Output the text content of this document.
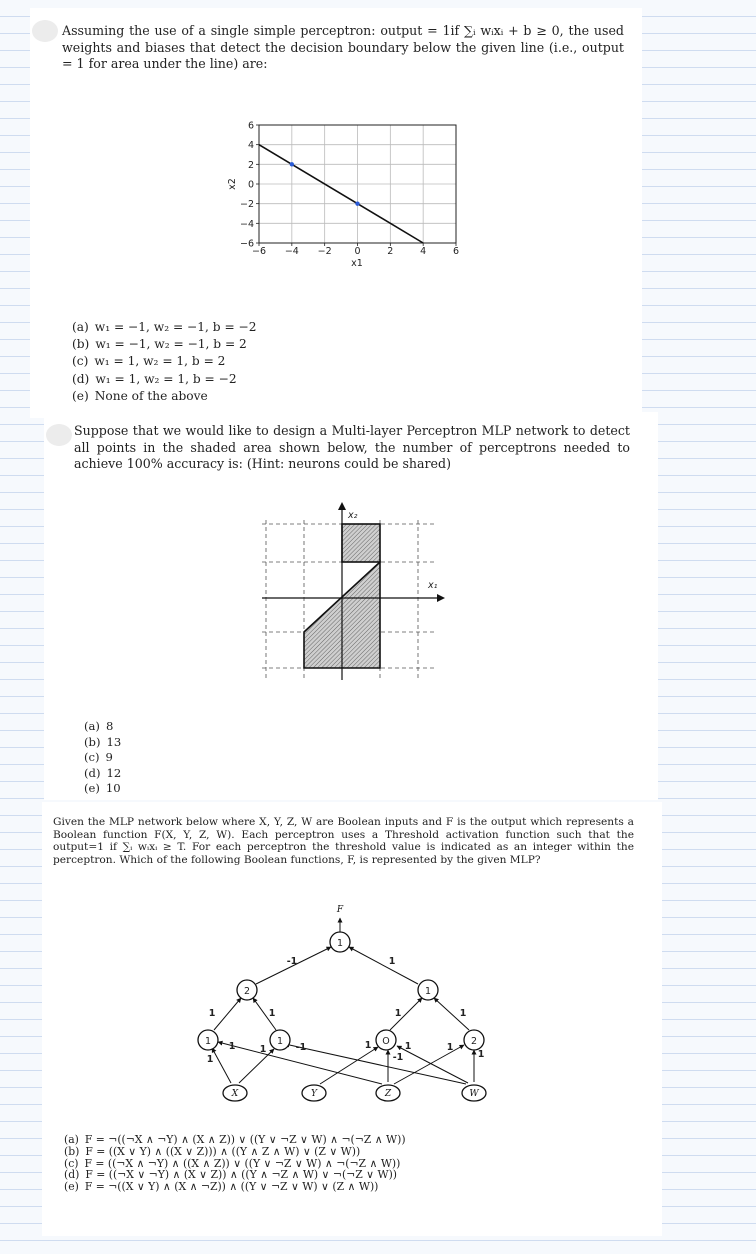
Assuming the use of a single simple perceptron: output = 1if ∑ᵢ wᵢxᵢ + b ≥ 0, the used weights and biases that detect the decision boundary below the given line (i.e., output = 1 for area under the line) are:
−6 −4 −2 0	2	4	6
6
4
2
0
−2
−4
−6
x1
x2
(a) w₁ = −1, w₂ = −1, b = −2
(b) w₁ = −1, w₂ = −1, b = 2
(c) w₁ = 1, w₂ = 1, b = 2
(d) w₁ = 1, w₂ = 1, b = −2
(e) None of the above
Suppose that we would like to design a Multi-layer Perceptron MLP network to detect all points in the shaded area shown below, the number of perceptrons needed to achieve 100% accuracy is: (Hint: neurons could be shared)
x₁
x₂
(a) 8
(b) 13
(c) 9
(d) 12
(e) 10
Given the MLP network below where X, Y, Z, W are Boolean inputs and F is the output which represents a Boolean function F(X, Y, Z, W). Each perceptron uses a Threshold activation function such that the output=1 if ∑ᵢ wᵢxᵢ ≥ T. For each perceptron the threshold value is indicated as an integer within the perceptron. Which of the following Boolean functions, F, is represented by the given MLP?
1
2	1
1	1	O	2
F
X	Y	Z	W
-1	1
1	1	1	1
1
1	1	-1	1
-1
1	1
1
(a) F = ¬((¬X ∧ ¬Y) ∧ (X ∧ Z)) ∨ ((Y ∨ ¬Z ∨ W) ∧ ¬(¬Z ∧ W))
(b) F = ((X ∨ Y) ∧ ((X ∨ Z))) ∧ ((Y ∧ Z ∧ W) ∨ (Z ∨ W))
(c) F = ((¬X ∧ ¬Y) ∧ ((X ∧ Z)) ∨ ((Y ∨ ¬Z ∨ W) ∧ ¬(¬Z ∧ W))
(d) F = ((¬X ∨ ¬Y) ∧ (X ∨ Z)) ∧ ((Y ∧ ¬Z ∧ W) ∨ ¬(¬Z ∨ W))
(e) F = ¬((X ∨ Y) ∧ (X ∧ ¬Z)) ∧ ((Y ∨ ¬Z ∨ W) ∨ (Z ∧ W))
